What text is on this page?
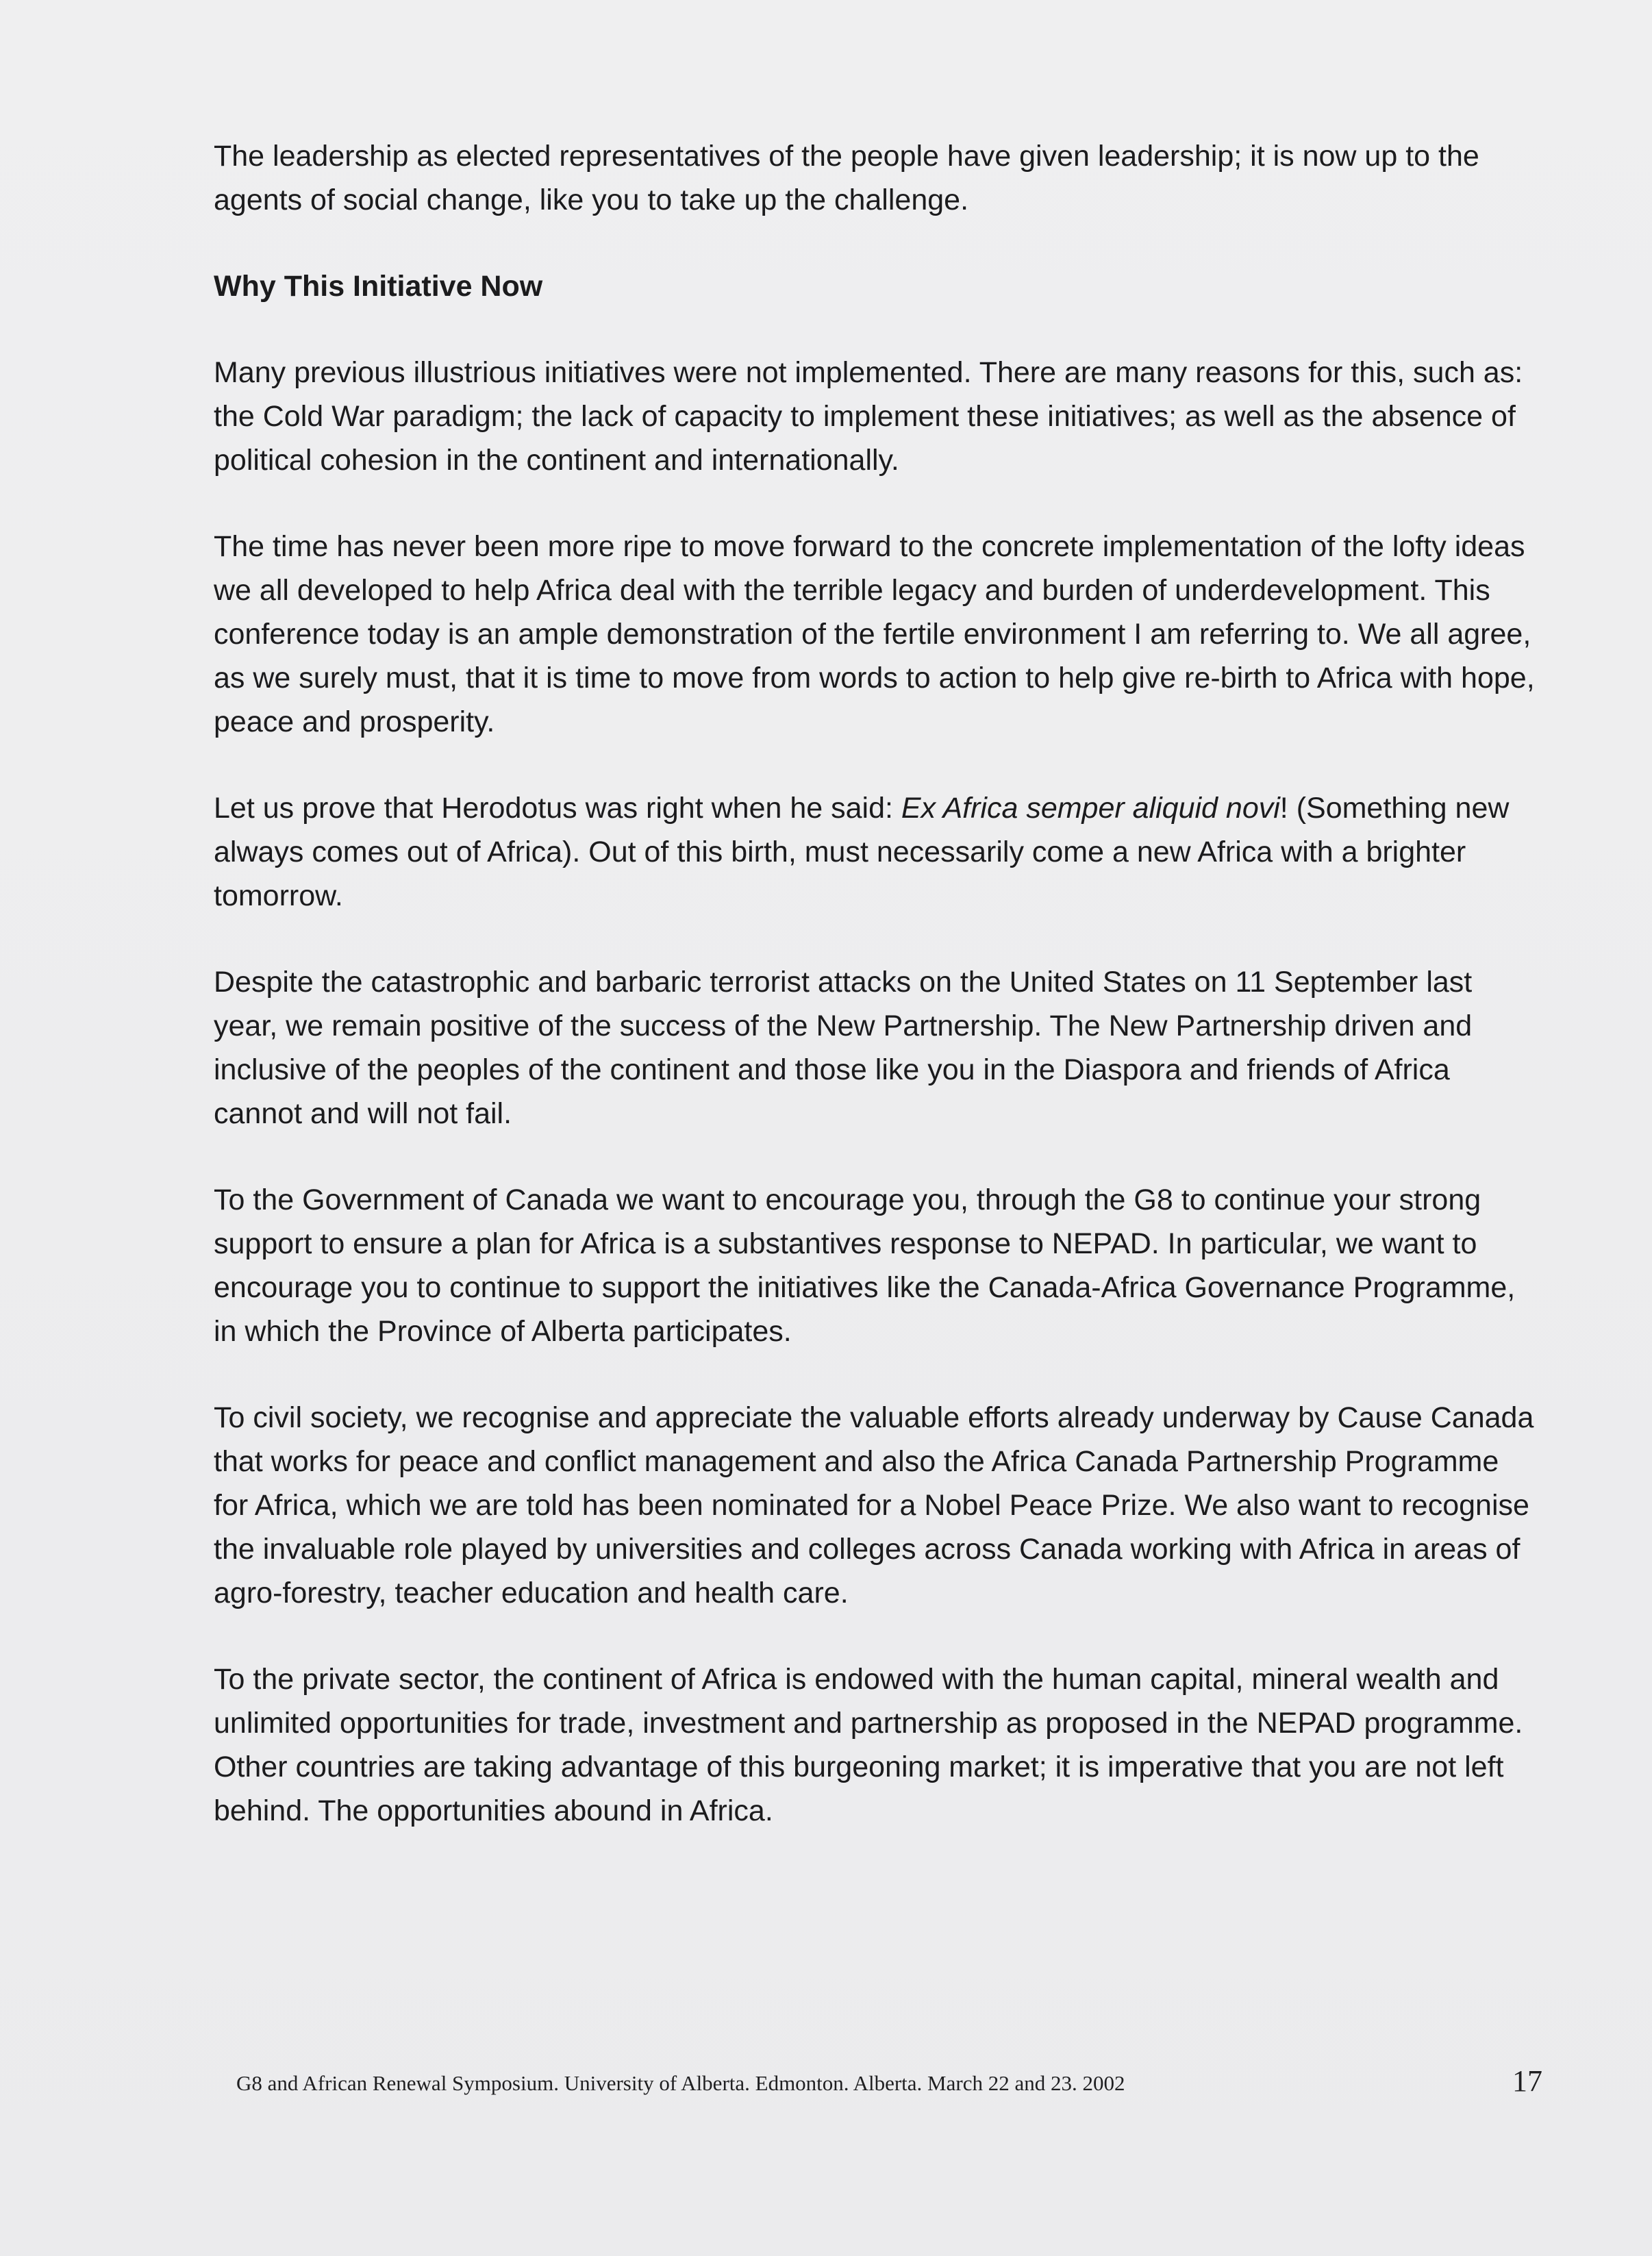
The leadership as elected representatives of the people have given leadership; it is now up to the agents of social change, like you to take up the challenge.

Why This Initiative Now

Many previous illustrious initiatives were not implemented. There are many reasons for this, such as: the Cold War paradigm; the lack of capacity to implement these initiatives; as well as the absence of political cohesion in the continent and internationally.

The time has never been more ripe to move forward to the concrete implementation of the lofty ideas we all developed to help Africa deal with the terrible legacy and burden of underdevelopment. This conference today is an ample demonstration of the fertile environment I am referring to. We all agree, as we surely must, that it is time to move from words to action to help give re-birth to Africa with hope, peace and prosperity.

Let us prove that Herodotus was right when he said: Ex Africa semper aliquid novi! (Something new always comes out of Africa). Out of this birth, must necessarily come a new Africa with a brighter tomorrow.

Despite the catastrophic and barbaric terrorist attacks on the United States on 11 September last year, we remain positive of the success of the New Partnership. The New Partnership driven and inclusive of the peoples of the continent and those like you in the Diaspora and friends of Africa cannot and will not fail.

To the Government of Canada we want to encourage you, through the G8 to continue your strong support to ensure a plan for Africa is a substantives response to NEPAD. In particular, we want to encourage you to continue to support the initiatives like the Canada-Africa Governance Programme, in which the Province of Alberta participates.

To civil society, we recognise and appreciate the valuable efforts already underway by Cause Canada that works for peace and conflict management and also the Africa Canada Partnership Programme for Africa, which we are told has been nominated for a Nobel Peace Prize. We also want to recognise the invaluable role played by universities and colleges across Canada working with Africa in areas of agro-forestry, teacher education and health care.

To the private sector, the continent of Africa is endowed with the human capital, mineral wealth and unlimited opportunities for trade, investment and partnership as proposed in the NEPAD programme. Other countries are taking advantage of this burgeoning market; it is imperative that you are not left behind. The opportunities abound in Africa.

G8 and African Renewal Symposium. University of Alberta. Edmonton. Alberta. March 22 and 23. 2002	17
